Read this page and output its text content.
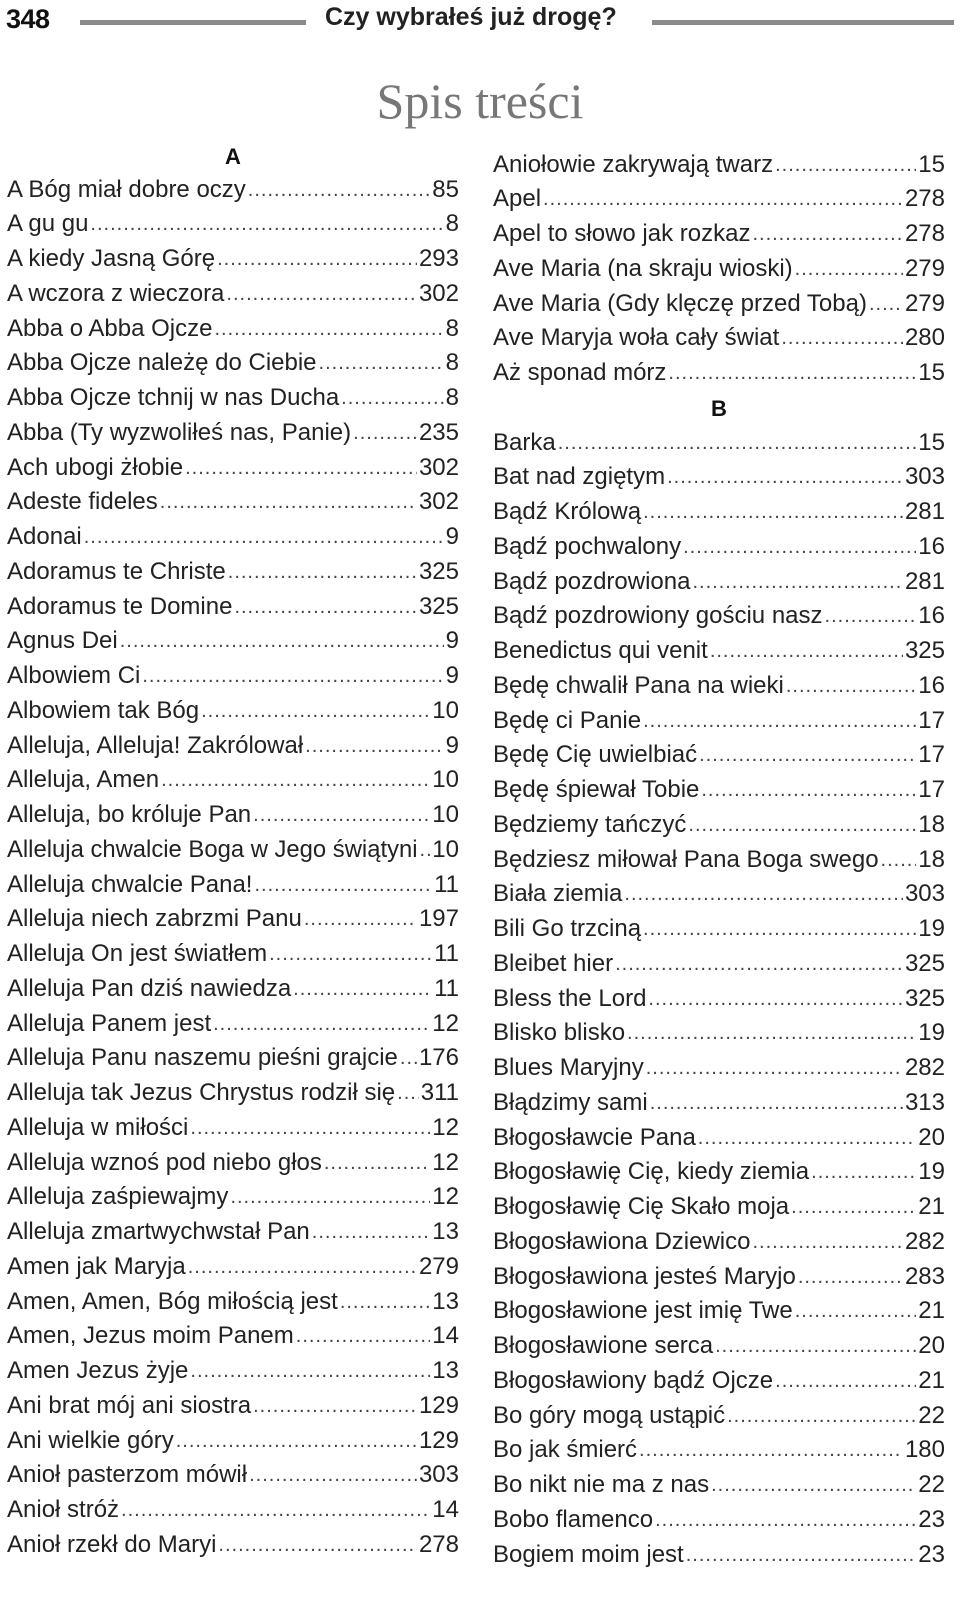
348	Czy wybrałeś już drogę?
Spis treści
A
A Bóg miał dobre oczy .....	85
A gu gu .....	8
A kiedy Jasną Górę .....	293
A wczora z wieczora .....	302
Abba o Abba Ojcze .....	8
Abba Ojcze należę do Ciebie .....	8
Abba Ojcze tchnij w nas Ducha .....	8
Abba (Ty wyzwoliłeś nas, Panie) .....	235
Ach ubogi żłobie .....	302
Adeste fideles .....	302
Adonai .....	9
Adoramus te Christe .....	325
Adoramus te Domine .....	325
Agnus Dei .....	9
Albowiem Ci .....	9
Albowiem tak Bóg .....	10
Alleluja, Alleluja! Zakrólował .....	9
Alleluja, Amen .....	10
Alleluja, bo króluje Pan .....	10
Alleluja chwalcie Boga w Jego świątyni ..... 10
Alleluja chwalcie Pana! .....	11
Alleluja niech zabrzmi Panu .....	197
Alleluja On jest światłem .....	11
Alleluja Pan dziś nawiedza .....	11
Alleluja Panem jest .....	12
Alleluja Panu naszemu pieśni grajcie ..... 176
Alleluja tak Jezus Chrystus rodził się ..... 311
Alleluja w miłości .....	12
Alleluja wznoś pod niebo głos .....	12
Alleluja zaśpiewajmy .....	12
Alleluja zmartwychwstał Pan .....	13
Amen jak Maryja .....	279
Amen, Amen, Bóg miłością jest .....	13
Amen, Jezus moim Panem .....	14
Amen Jezus żyje .....	13
Ani brat mój ani siostra .....	129
Ani wielkie góry .....	129
Anioł pasterzom mówił .....	303
Anioł stróż .....	14
Anioł rzekł do Maryi .....	278
B
Aniołowie zakrywają twarz .....	15
Apel .....	278
Apel to słowo jak rozkaz .....	278
Ave Maria (na skraju wioski) .....	279
Ave Maria (Gdy klęczę przed Tobą) ..... 279
Ave Maryja woła cały świat .....	280
Aż sponad mórz .....	15
Barka .....	15
Bat nad zgiętym .....	303
Bądź Królową .....	281
Bądź pochwalony .....	16
Bądź pozdrowiona .....	281
Bądź pozdrowiony gościu nasz .....	16
Benedictus qui venit .....	325
Będę chwalił Pana na wieki .....	16
Będę ci Panie .....	17
Będę Cię uwielbiać .....	17
Będę śpiewał Tobie .....	17
Będziemy tańczyć .....	18
Będziesz miłował Pana Boga swego ..... 18
Biała ziemia .....	303
Bili Go trzciną .....	19
Bleibet hier .....	325
Bless the Lord .....	325
Blisko blisko .....	19
Blues Maryjny .....	282
Błądzimy sami .....	313
Błogosławcie Pana .....	20
Błogosławię Cię, kiedy ziemia .....	19
Błogosławię Cię Skało moja .....	21
Błogosławiona Dziewico .....	282
Błogosławiona jesteś Maryjo .....	283
Błogosławione jest imię Twe .....	21
Błogosławione serca .....	20
Błogosławiony bądź Ojcze .....	21
Bo góry mogą ustąpić .....	22
Bo jak śmierć .....	180
Bo nikt nie ma z nas .....	22
Bobo flamenco .....	23
Bogiem moim jest .....	23
